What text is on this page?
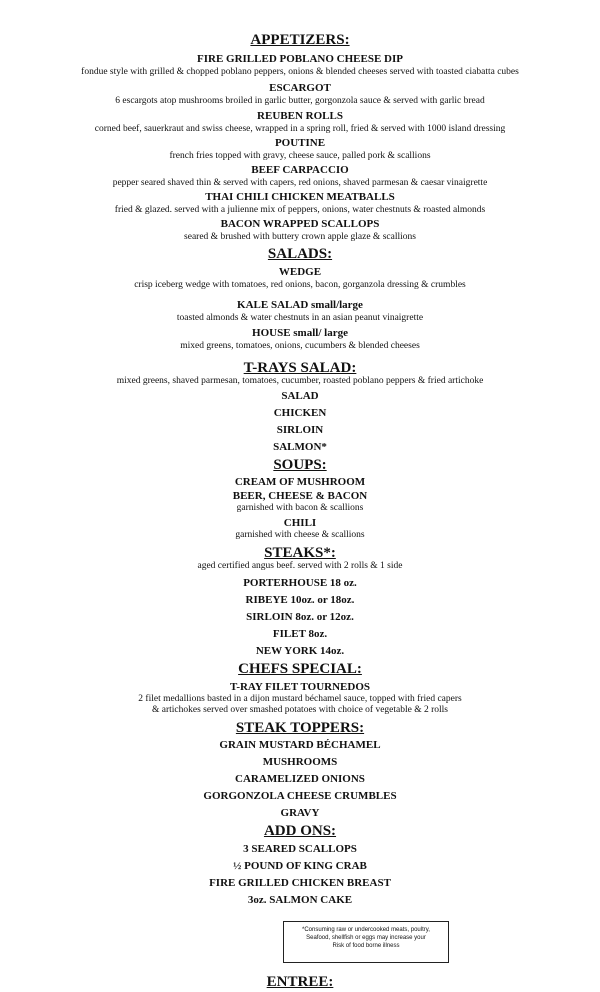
APPETIZERS:
FIRE GRILLED POBLANO CHEESE DIP
fondue style with grilled & chopped poblano peppers, onions & blended cheeses served with toasted ciabatta cubes
ESCARGOT
6 escargots atop mushrooms broiled in garlic butter, gorgonzola sauce & served with garlic bread
REUBEN ROLLS
corned beef, sauerkraut and swiss cheese, wrapped in a spring roll, fried & served with 1000 island dressing
POUTINE
french fries topped with gravy, cheese sauce, palled pork & scallions
BEEF CARPACCIO
pepper seared shaved thin & served with capers, red onions, shaved parmesan & caesar vinaigrette
THAI CHILI CHICKEN MEATBALLS
fried & glazed. served with a julienne mix of peppers, onions, water chestnuts & roasted almonds
BACON WRAPPED SCALLOPS
seared & brushed with buttery crown apple glaze & scallions
SALADS:
WEDGE
crisp iceberg wedge with tomatoes, red onions, bacon, gorganzola dressing & crumbles
KALE SALAD small/large
toasted almonds & water chestnuts in an asian peanut vinaigrette
HOUSE small/ large
mixed greens, tomatoes, onions, cucumbers & blended cheeses
T-RAYS SALAD:
mixed greens, shaved parmesan, tomatoes, cucumber, roasted poblano peppers & fried artichoke
SALAD
CHICKEN
SIRLOIN
SALMON*
SOUPS:
CREAM OF MUSHROOM
BEER, CHEESE & BACON
garnished with bacon & scallions
CHILI
garnished with cheese & scallions
STEAKS*:
aged certified angus beef. served with 2 rolls & 1 side
PORTERHOUSE 18 oz.
RIBEYE 10oz. or 18oz.
SIRLOIN 8oz. or 12oz.
FILET 8oz.
NEW YORK 14oz.
CHEFS SPECIAL:
T-RAY FILET TOURNEDOS
2 filet medallions basted in a dijon mustard béchamel sauce, topped with fried capers
& artichokes served over smashed potatoes with choice of vegetable & 2 rolls
STEAK TOPPERS:
GRAIN MUSTARD BÉCHAMEL
MUSHROOMS
CARAMELIZED ONIONS
GORGONZOLA CHEESE CRUMBLES
GRAVY
ADD ONS:
3 SEARED SCALLOPS
½ POUND OF KING CRAB
FIRE GRILLED CHICKEN BREAST
3oz. SALMON CAKE
*Consuming raw or undercooked meats, poultry,
Seafood, shellfish or eggs may increase your
Risk of food borne illness
ENTREE:
